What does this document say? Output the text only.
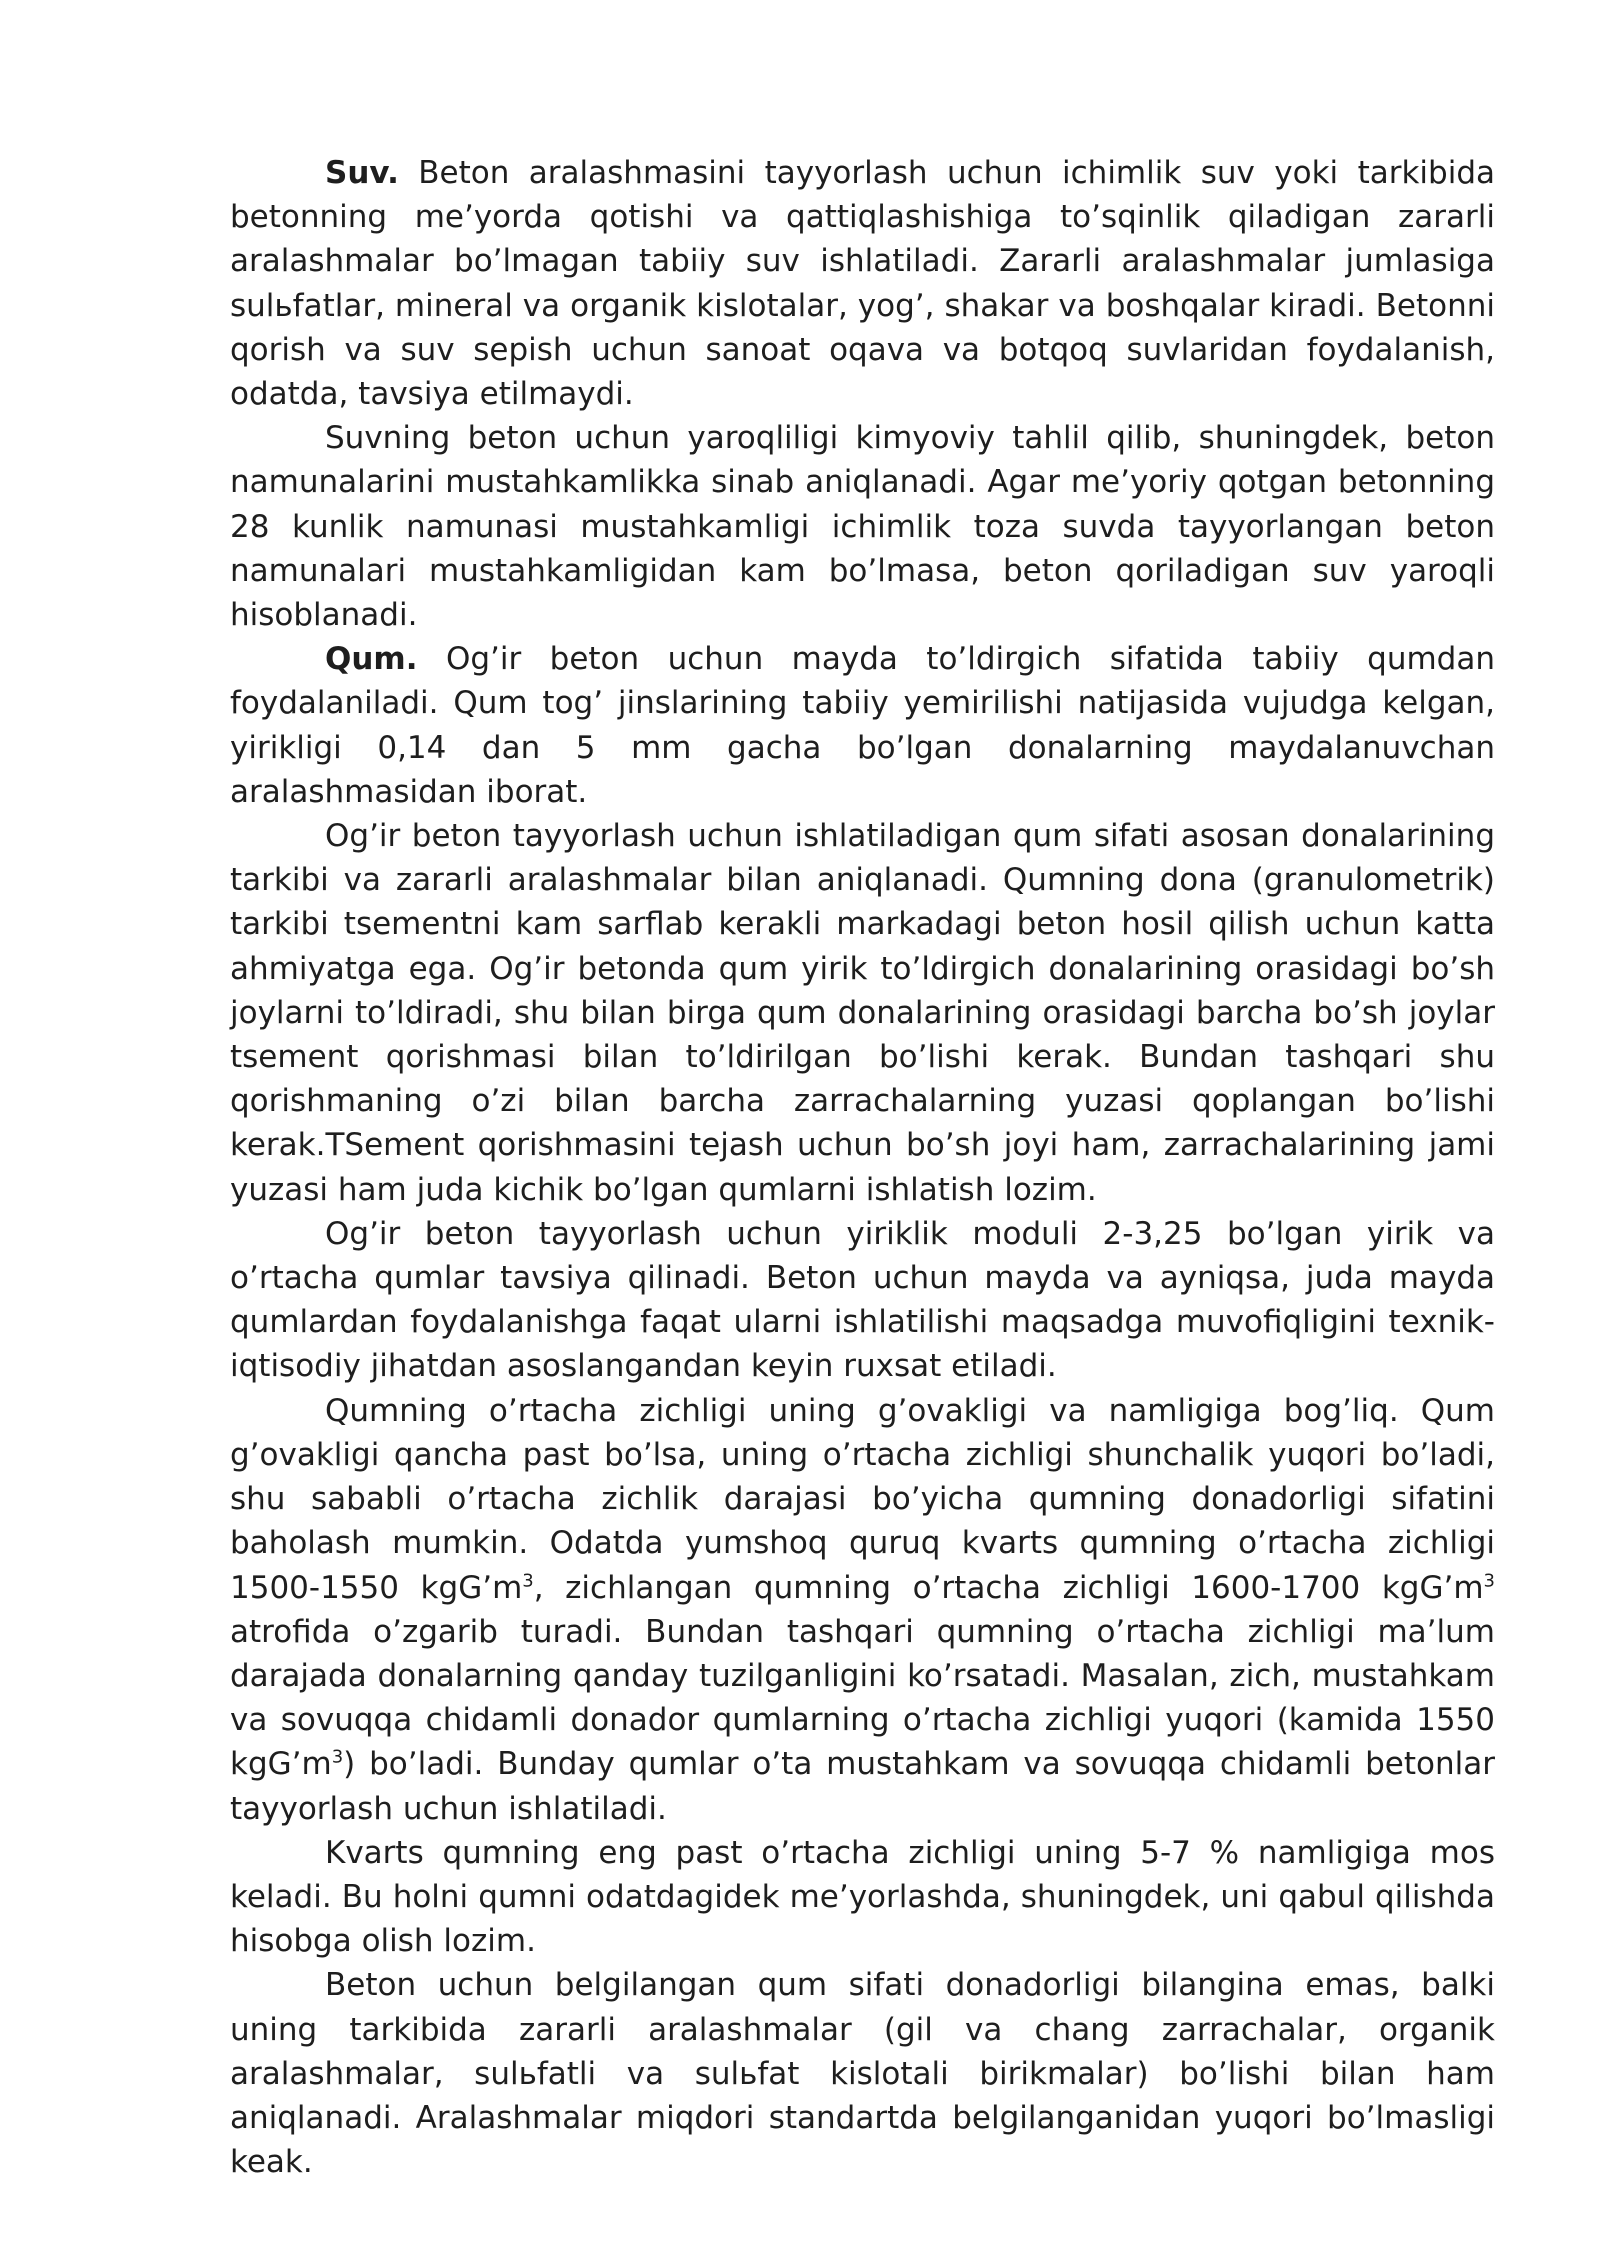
Suv. Beton aralashmasini tayyorlash uchun ichimlik suv yoki tarkibida betonning me’yorda qotishi va qattiqlashishiga to’sqinlik qiladigan zararli aralashmalar bo’lmagan tabiiy suv ishlatiladi. Zararli aralashmalar jumlasiga sulьfatlar, mineral va organik kislotalar, yog’, shakar va boshqalar kiradi. Betonni qorish va suv sepish uchun sanoat oqava va botqoq suvlaridan foydalanish, odatda, tavsiya etilmaydi.

Suvning beton uchun yaroqliligi kimyoviy tahlil qilib, shuningdek, beton namunalarini mustahkamlikka sinab aniqlanadi. Agar me’yoriy qotgan betonning 28 kunlik namunasi mustahkamligi ichimlik toza suvda tayyorlangan beton namunalari mustahkamligidan kam bo’lmasa, beton qoriladigan suv yaroqli hisoblanadi.

Qum. Og’ir beton uchun mayda to’ldirgich sifatida tabiiy qumdan foydalaniladi. Qum tog’ jinslarining tabiiy yemirilishi natijasida vujudga kelgan, yirikligi 0,14 dan 5 mm gacha bo’lgan donalarning maydalanuvchan aralashmasidan iborat.

Og’ir beton tayyorlash uchun ishlatiladigan qum sifati asosan donalarining tarkibi va zararli aralashmalar bilan aniqlanadi. Qumning dona (granulometrik) tarkibi tsementni kam sarflab kerakli markadagi beton hosil qilish uchun katta ahmiyatga ega. Og’ir betonda qum yirik to’ldirgich donalarining orasidagi bo’sh joylarni to’ldiradi, shu bilan birga qum donalarining orasidagi barcha bo’sh joylar tsement qorishmasi bilan to’ldirilgan bo’lishi kerak. Bundan tashqari shu qorishmaning o’zi bilan barcha zarrachalarning yuzasi qoplangan bo’lishi kerak.TSement qorishmasini tejash uchun bo’sh joyi ham, zarrachalarining jami yuzasi ham juda kichik bo’lgan qumlarni ishlatish lozim.

Og’ir beton tayyorlash uchun yiriklik moduli 2-3,25 bo’lgan yirik va o’rtacha qumlar tavsiya qilinadi. Beton uchun mayda va ayniqsa, juda mayda qumlardan foydalanishga faqat ularni ishlatilishi maqsadga muvofiqligini texnik- iqtisodiy jihatdan asoslangandan keyin ruxsat etiladi.

Qumning o’rtacha zichligi uning g’ovakligi va namligiga bog’liq. Qum g’ovakligi qancha past bo’lsa, uning o’rtacha zichligi shunchalik yuqori bo’ladi, shu sababli o’rtacha zichlik darajasi bo’yicha qumning donadorligi sifatini baholash mumkin. Odatda yumshoq quruq kvarts qumning o’rtacha zichligi 1500-1550 $kgG’m^3$, zichlangan qumning o’rtacha zichligi 1600-1700 $kgG’m^3$ atrofida o’zgarib turadi. Bundan tashqari qumning o’rtacha zichligi ma’lum darajada donalarning qanday tuzilganligini ko’rsatadi. Masalan, zich, mustahkam va sovuqqa chidamli donador qumlarning o’rtacha zichligi yuqori (kamida 1550 $kgG’m^3$) bo’ladi. Bunday qumlar o’ta mustahkam va sovuqqa chidamli betonlar tayyorlash uchun ishlatiladi.

Kvarts qumning eng past o’rtacha zichligi uning 5-7 % namligiga mos keladi. Bu holni qumni odatdagidek me’yorlashda, shuningdek, uni qabul qilishda hisobga olish lozim.

Beton uchun belgilangan qum sifati donadorligi bilangina emas, balki uning tarkibida zararli aralashmalar (gil va chang zarrachalar, organik aralashmalar, sulьfatli va sulьfat kislotali birikmalar) bo’lishi bilan ham aniqlanadi. Aralashmalar miqdori standartda belgilanganidan yuqori bo’lmasligi keak.
